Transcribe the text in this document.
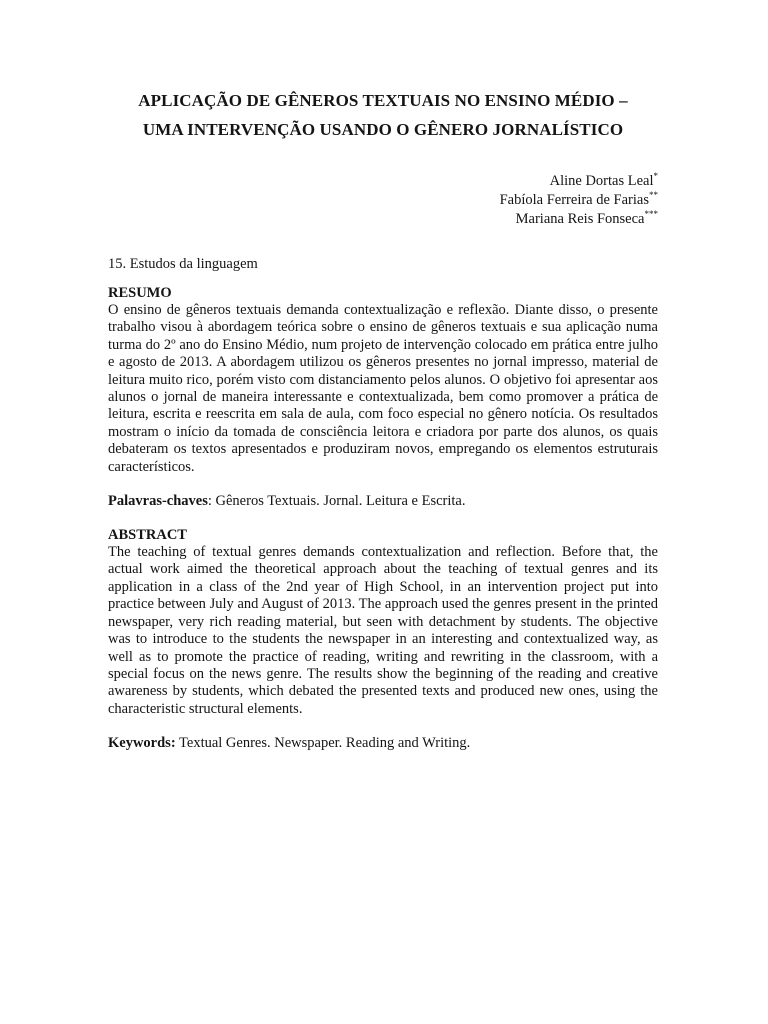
APLICAÇÃO DE GÊNEROS TEXTUAIS NO ENSINO MÉDIO –
UMA INTERVENÇÃO USANDO O GÊNERO JORNALÍSTICO
Aline Dortas Leal*
Fabíola Ferreira de Farias**
Mariana Reis Fonseca***
15. Estudos da linguagem
RESUMO

O ensino de gêneros textuais demanda contextualização e reflexão. Diante disso, o presente trabalho visou à abordagem teórica sobre o ensino de gêneros textuais e sua aplicação numa turma do 2º ano do Ensino Médio, num projeto de intervenção colocado em prática entre julho e agosto de 2013. A abordagem utilizou os gêneros presentes no jornal impresso, material de leitura muito rico, porém visto com distanciamento pelos alunos. O objetivo foi apresentar aos alunos o jornal de maneira interessante e contextualizada, bem como promover a prática de leitura, escrita e reescrita em sala de aula, com foco especial no gênero notícia. Os resultados mostram o início da tomada de consciência leitora e criadora por parte dos alunos, os quais debateram os textos apresentados e produziram novos, empregando os elementos estruturais característicos.

Palavras-chaves: Gêneros Textuais. Jornal. Leitura e Escrita.
ABSTRACT

The teaching of textual genres demands contextualization and reflection. Before that, the actual work aimed the theoretical approach about the teaching of textual genres and its application in a class of the 2nd year of High School, in an intervention project put into practice between July and August of 2013. The approach used the genres present in the printed newspaper, very rich reading material, but seen with detachment by students. The objective was to introduce to the students the newspaper in an interesting and contextualized way, as well as to promote the practice of reading, writing and rewriting in the classroom, with a special focus on the news genre. The results show the beginning of the reading and creative awareness by students, which debated the presented texts and produced new ones, using the characteristic structural elements.

Keywords: Textual Genres. Newspaper. Reading and Writing.
